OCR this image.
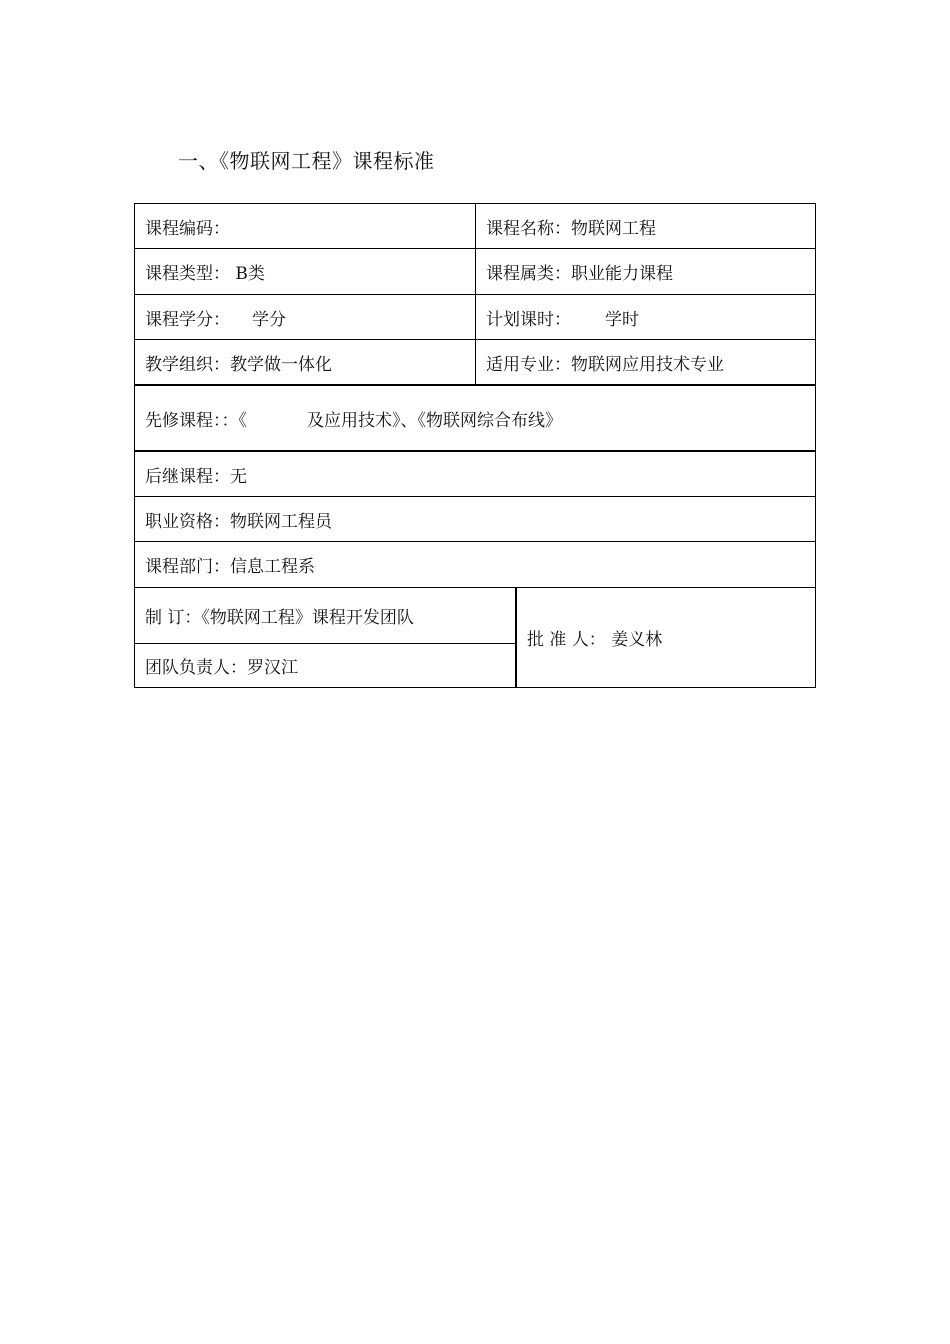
一、《物联网工程》课程标准
课程编码：	课程名称：物联网工程
课程类型： B类	课程属类：职业能力课程
课程学分： 学分	计划课时： 学时
教学组织：教学做一体化	适用专业：物联网应用技术专业
先修课程：：《	及应用技术》、《物联网综合布线》
后继课程：无
职业资格：物联网工程员
课程部门：信息工程系
制 订：《物联网工程》课程开发团队
团队负责人：罗汉江
批 准 人： 姜义林
